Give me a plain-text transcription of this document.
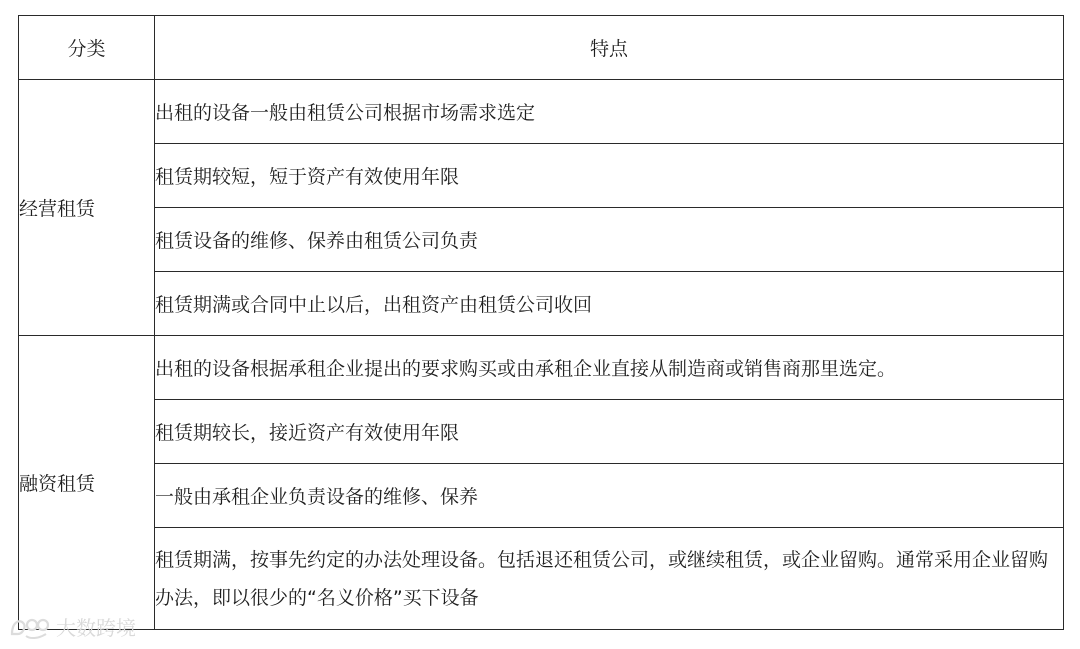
分类	特点
经营租赁	出租的设备一般由租赁公司根据市场需求选定
	租赁期较短，短于资产有效使用年限
	租赁设备的维修、保养由租赁公司负责
	租赁期满或合同中止以后，出租资产由租赁公司收回
融资租赁	出租的设备根据承租企业提出的要求购买或由承租企业直接从制造商或销售商那里选定。
	租赁期较长，接近资产有效使用年限
	一般由承租企业负责设备的维修、保养
	租赁期满，按事先约定的办法处理设备。包括退还租赁公司，或继续租赁，或企业留购。通常采用企业留购办法，即以很少的“名义价格”买下设备
大数跨境
